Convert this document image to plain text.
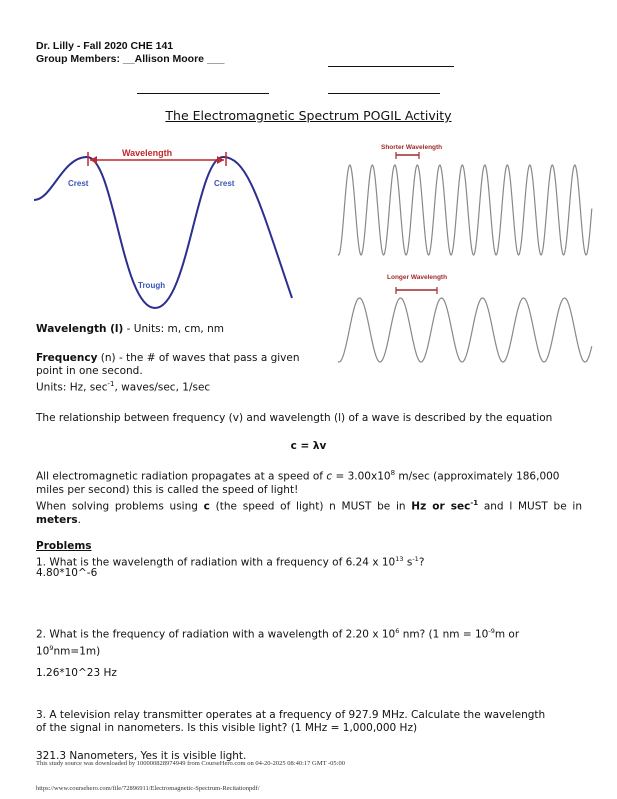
Dr. Lilly - Fall 2020 CHE 141
Group Members: __Allison Moore ___
The Electromagnetic Spectrum POGIL Activity
Wavelength
Crest	Crest
Trough
Shorter Wavelength
Longer Wavelength
Wavelength (l) - Units: m, cm, nm
Frequency (n) - the # of waves that pass a given
point in one second.
Units: Hz, $\sec^{-1}$, waves/sec, 1/sec
The relationship between frequency (v) and wavelength (l) of a wave is described by the equation
c = λv
All electromagnetic radiation propagates at a speed of $c = 3.00x10^8$ m/sec (approximately 186,000
miles per second) this is called the speed of light!
When solving problems using c (the speed of light) n MUST be in Hz or $\sec^{-1}$ and l MUST be in meters.
Problems
1. What is the wavelength of radiation with a frequency of 6.24 x $10^{13}$ $s^{-1}$?
4.80*10^-6
2. What is the frequency of radiation with a wavelength of 2.20 x $10^6$ nm? (1 nm = $10^{-9}m$ or
$10^9nm=1m$)
1.26*10^23 Hz
3. A television relay transmitter operates at a frequency of 927.9 MHz. Calculate the wavelength
of the signal in nanometers. Is this visible light? (1 MHz = 1,000,000 Hz)
321.3 Nanometers, Yes it is visible light.
This study source was downloaded by 100000828974949 from CourseHero.com on 04-20-2025 08:40:17 GMT -05:00
https://www.coursehero.com/file/72896911/Electromagnetic-Spectrum-Recitationpdf/
